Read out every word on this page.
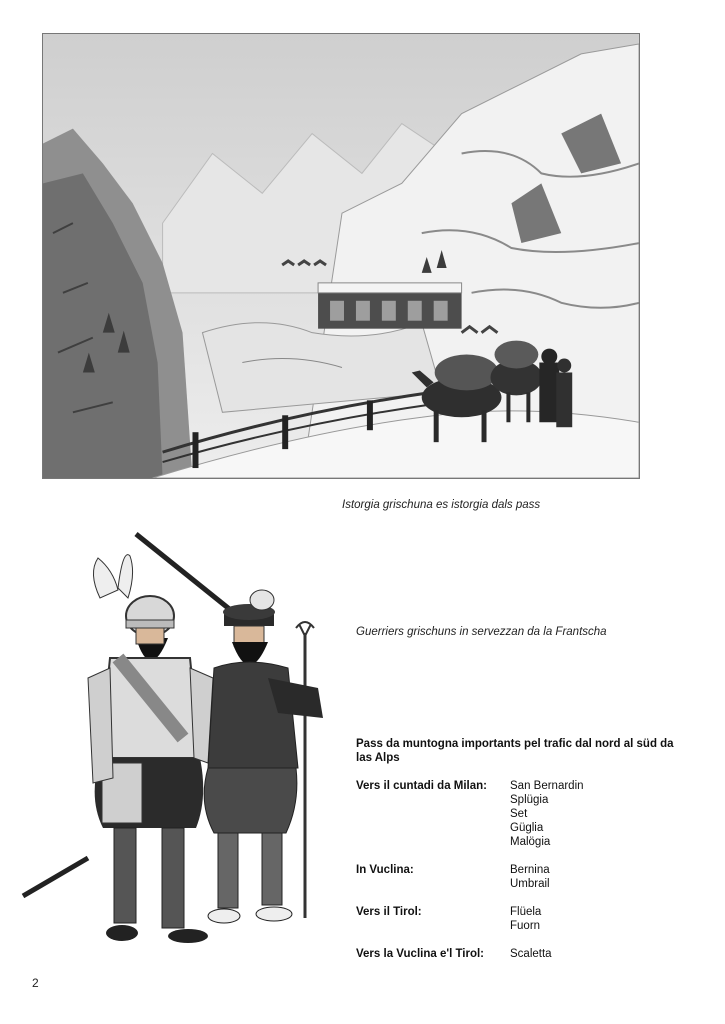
Istorgia grischuna es istorgia dals pass
Guerriers grischuns in servezzan da la Frantscha
Pass da muntogna importants pel trafic dal nord al süd da las Alps
Vers il cuntadi da Milan:	San Bernardin
Splügia
Set
Güglia
Malögia
In Vuclina:	Bernina
Umbrail
Vers il Tirol:	Flüela
Fuorn
Vers la Vuclina e'l Tirol:	Scaletta
2
